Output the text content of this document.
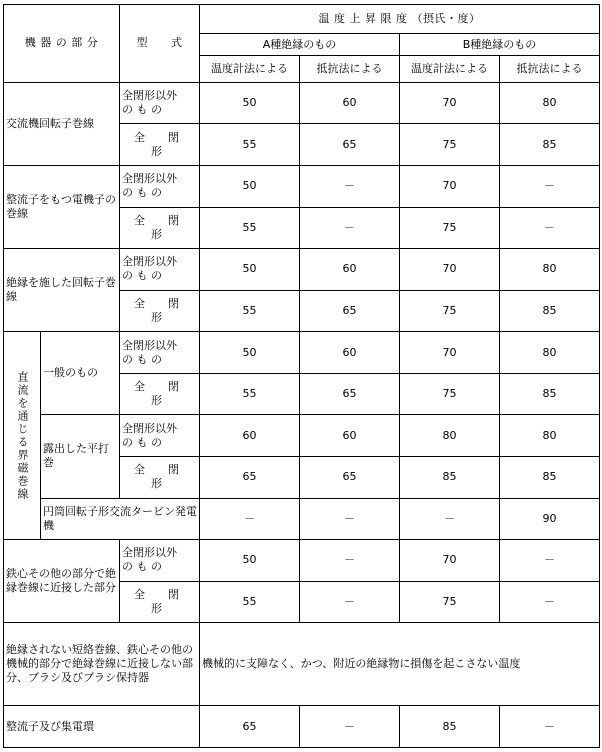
機 器 の 部 分		型　　式	温 度 上 昇 限 度 （摂氏・度）			
			A種絶縁のもの		B種絶縁のもの	
			温度計法による	抵抗法による	温度計法による	抵抗法による
交流機回転子巻線		全閉形以外
の も の	50	60	70	80
		全　閉　形	55	65	75	85
整流子をもつ電機子の巻線		全閉形以外
の も の	50	－	70	－
		全　閉　形	55	－	75	－
絶縁を施した回転子巻線		全閉形以外
の も の	50	60	70	80
		全　閉　形	55	65	75	85
直流を通じる界磁巻線	一般のもの	全閉形以外
の も の	50	60	70	80
		全　閉　形	55	65	75	85
	露出した平打巻	全閉形以外
の も の	60	60	80	80
		全　閉　形	65	65	85	85
	円筒回転子形交流タービン発電機		－	－	－	90
鉄心その他の部分で絶縁巻線に近接した部分		全閉形以外
の も の	50	－	70	－
		全　閉　形	55	－	75	－
絶縁されない短絡巻線、鉄心その他の機械的部分で絶縁巻線に近接しない部分、ブラシ及びブラシ保持器			機械的に支障なく、かつ、附近の絶縁物に損傷を起こさない温度			
整流子及び集電環			65	－	85	－
